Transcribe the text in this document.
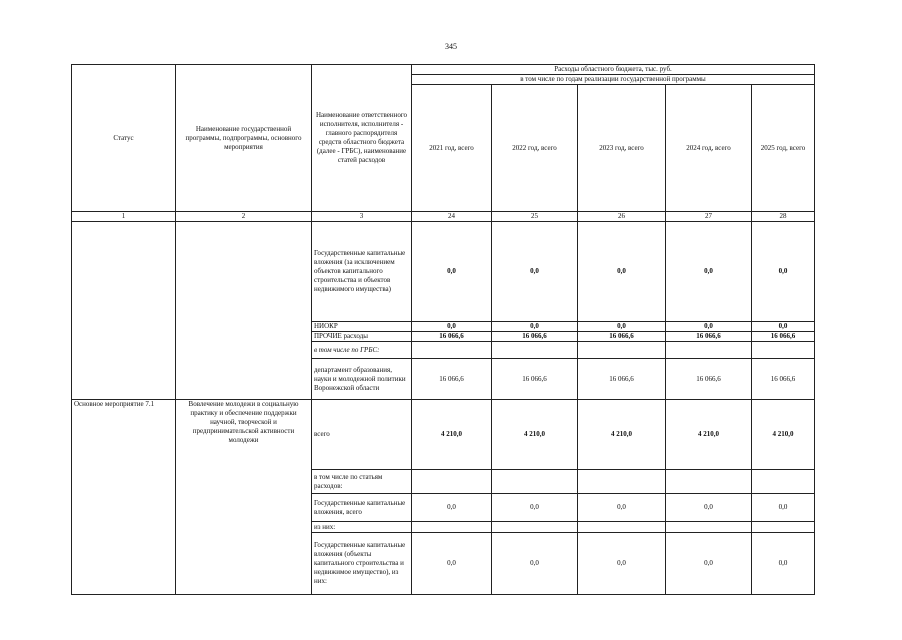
345
Статус	Наименование государственной программы, подпрограммы, основного мероприятия	Наименование ответственного исполнителя, исполнителя - главного распорядителя средств областного бюджета (далее - ГРБС), наименование статей расходов	Расходы областного бюджета, тыс. руб.				
			в том числе по годам реализации государственной программы				
			2021 год, всего	2022 год, всего	2023 год, всего	2024 год, всего	2025 год, всего
1	2	3	24	25	26	27	28
		Государственные капитальные вложения (за исключением объектов капитального строительства и объектов недвижимого имущества)	0,0	0,0	0,0	0,0	0,0
		НИОКР	0,0	0,0	0,0	0,0	0,0
		ПРОЧИЕ расходы	16 066,6	16 066,6	16 066,6	16 066,6	16 066,6
		в том числе по ГРБС:					
		департамент образования, науки и молодежной политики Воронежской области	16 066,6	16 066,6	16 066,6	16 066,6	16 066,6
Основное мероприятие 7.1	Вовлечение молодежи в социальную практику и обеспечение поддержки научной, творческой и предпринимательской активности молодежи	всего	4 210,0	4 210,0	4 210,0	4 210,0	4 210,0
		в том числе по статьям расходов:					
		Государственные капитальные вложения, всего	0,0	0,0	0,0	0,0	0,0
		из них:					
		Государственные капитальные вложения (объекты капитального строительства и недвижимое имущество), из них:	0,0	0,0	0,0	0,0	0,0
